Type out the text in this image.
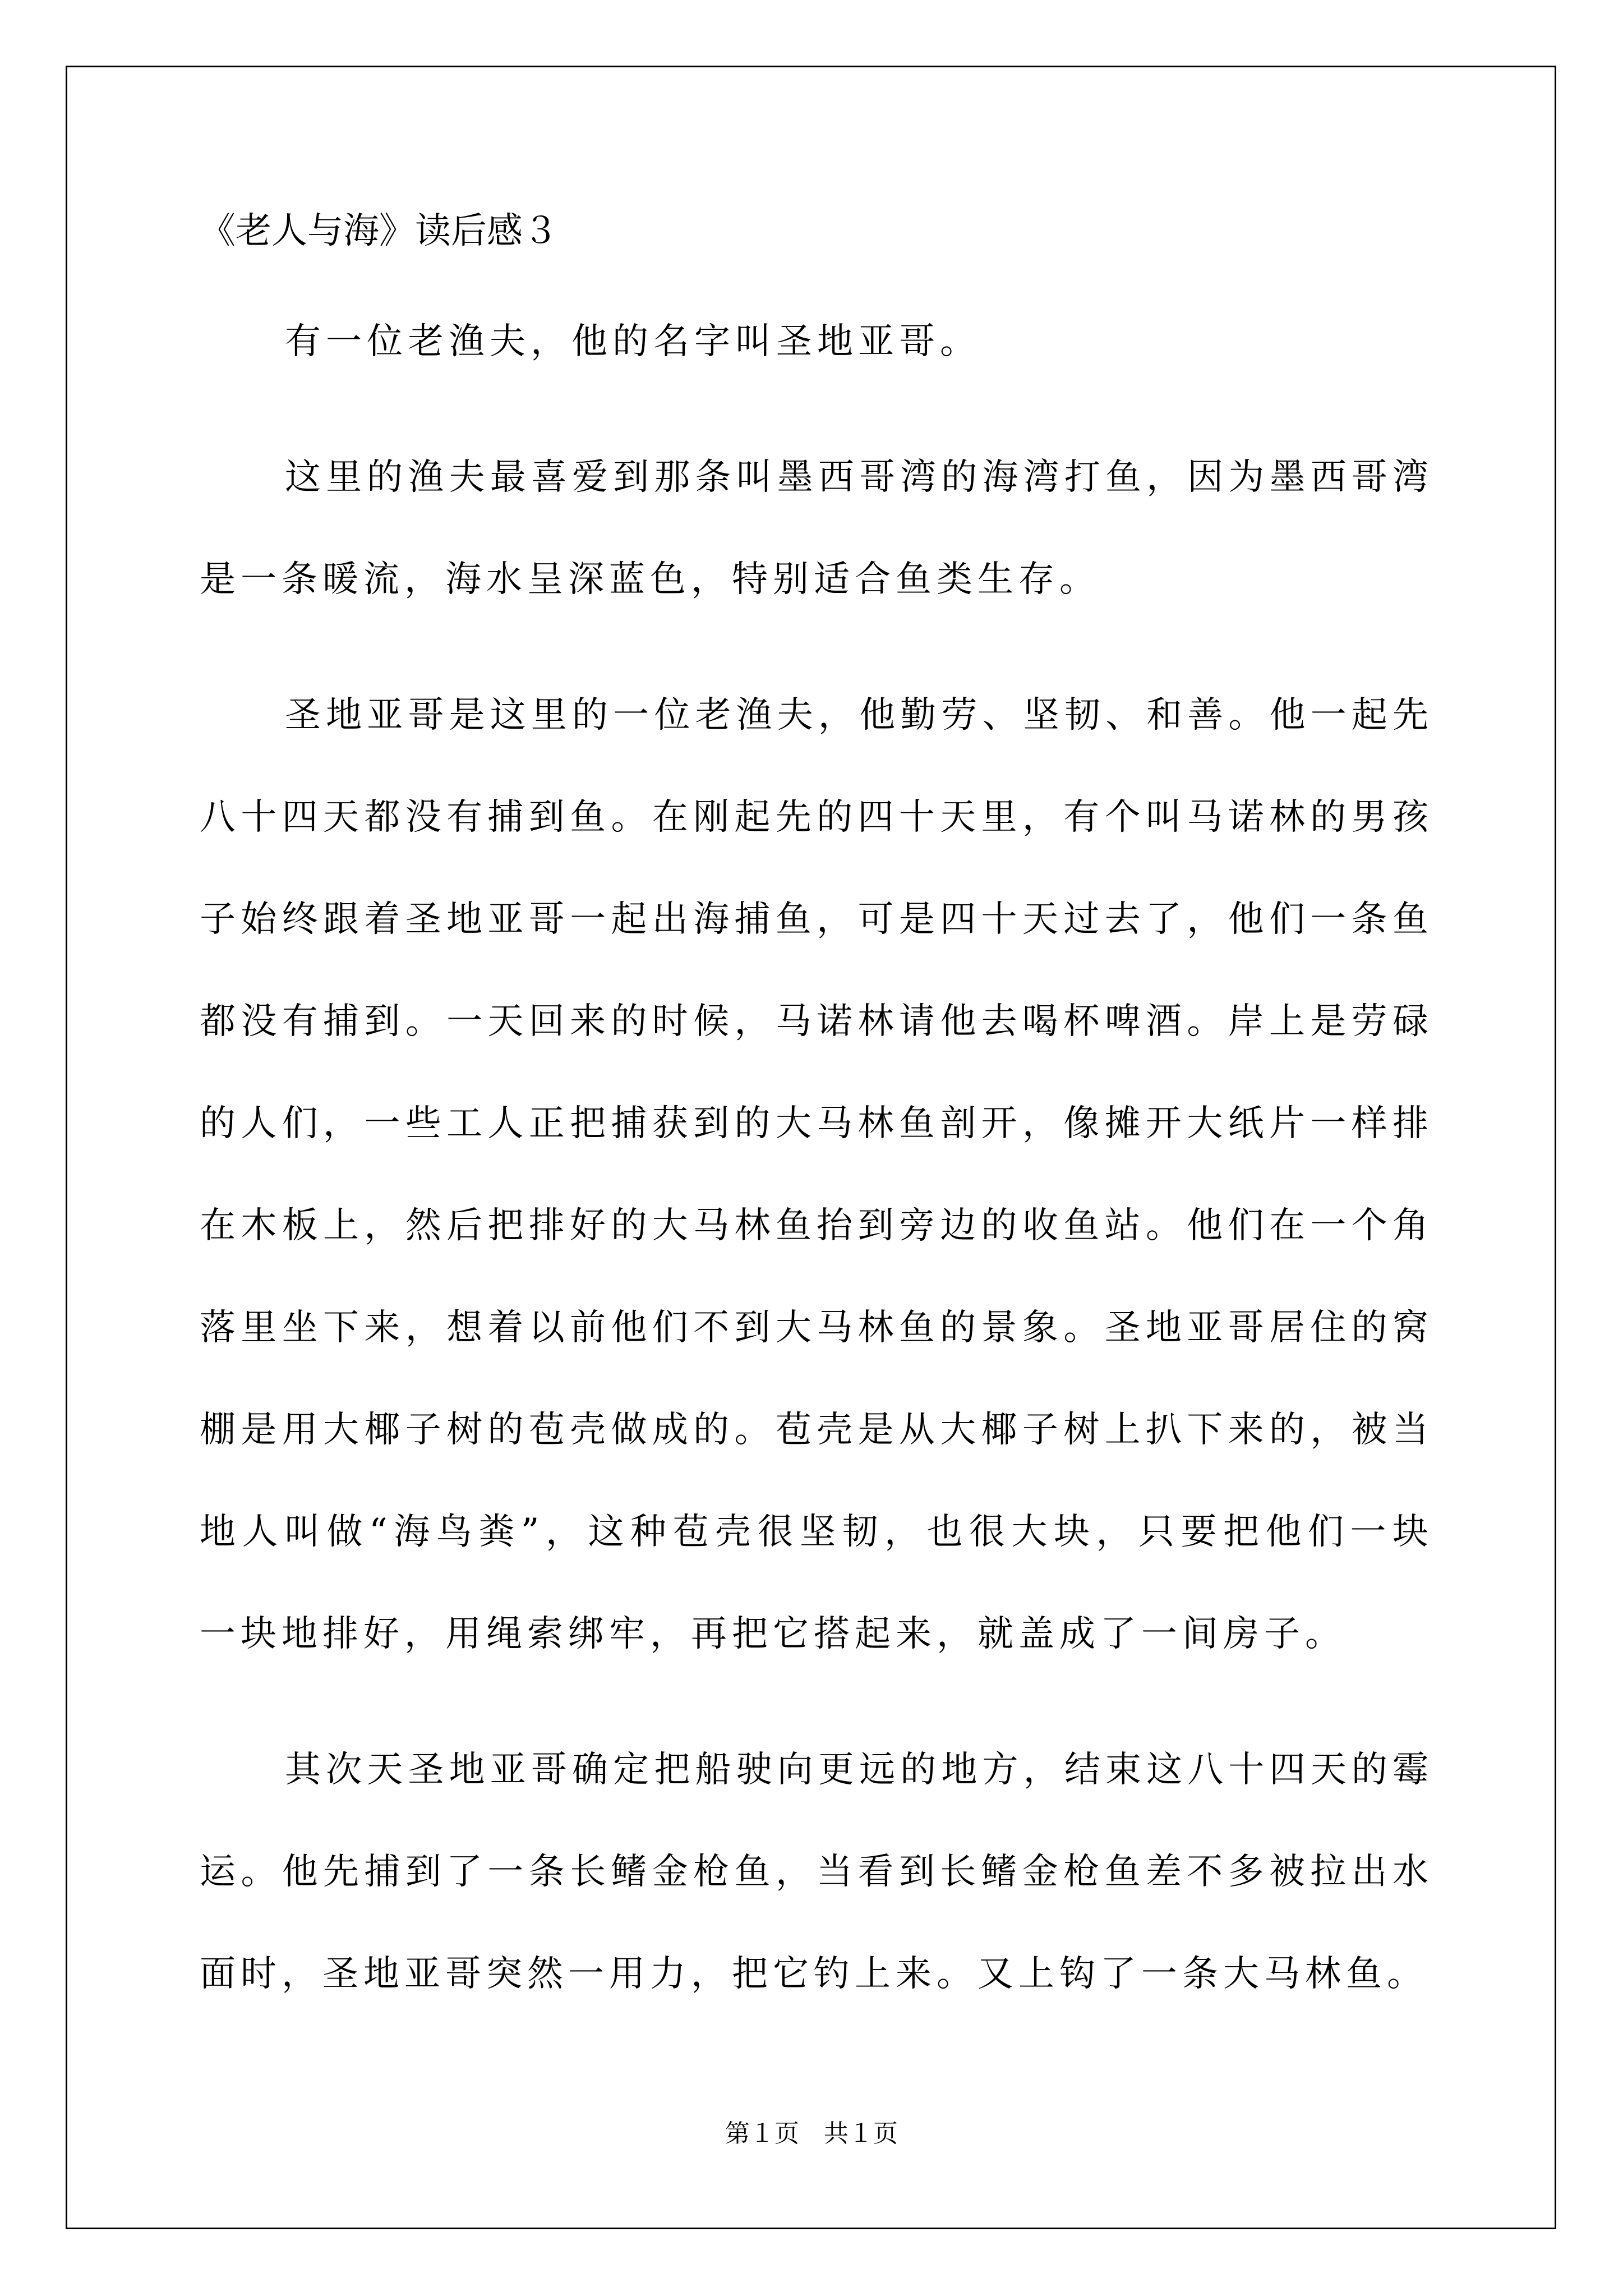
《老人与海》读后感３

有一位老渔夫，他的名字叫圣地亚哥。

这里的渔夫最喜爱到那条叫墨西哥湾的海湾打鱼，因为墨西哥湾是一条暖流，海水呈深蓝色，特别适合鱼类生存。

圣地亚哥是这里的一位老渔夫，他勤劳、坚韧、和善。他一起先八十四天都没有捕到鱼。在刚起先的四十天里，有个叫马诺林的男孩子始终跟着圣地亚哥一起出海捕鱼，可是四十天过去了，他们一条鱼都没有捕到。一天回来的时候，马诺林请他去喝杯啤酒。岸上是劳碌的人们，一些工人正把捕获到的大马林鱼剖开，像摊开大纸片一样排在木板上，然后把排好的大马林鱼抬到旁边的收鱼站。他们在一个角落里坐下来，想着以前他们不到大马林鱼的景象。圣地亚哥居住的窝棚是用大椰子树的苞壳做成的。苞壳是从大椰子树上扒下来的，被当地人叫做“海鸟粪”，这种苞壳很坚韧，也很大块，只要把他们一块一块地排好，用绳索绑牢，再把它搭起来，就盖成了一间房子。

其次天圣地亚哥确定把船驶向更远的地方，结束这八十四天的霉运。他先捕到了一条长鳍金枪鱼，当看到长鳍金枪鱼差不多被拉出水面时，圣地亚哥突然一用力，把它钓上来。又上钩了一条大马林鱼。

第１页　共１页
